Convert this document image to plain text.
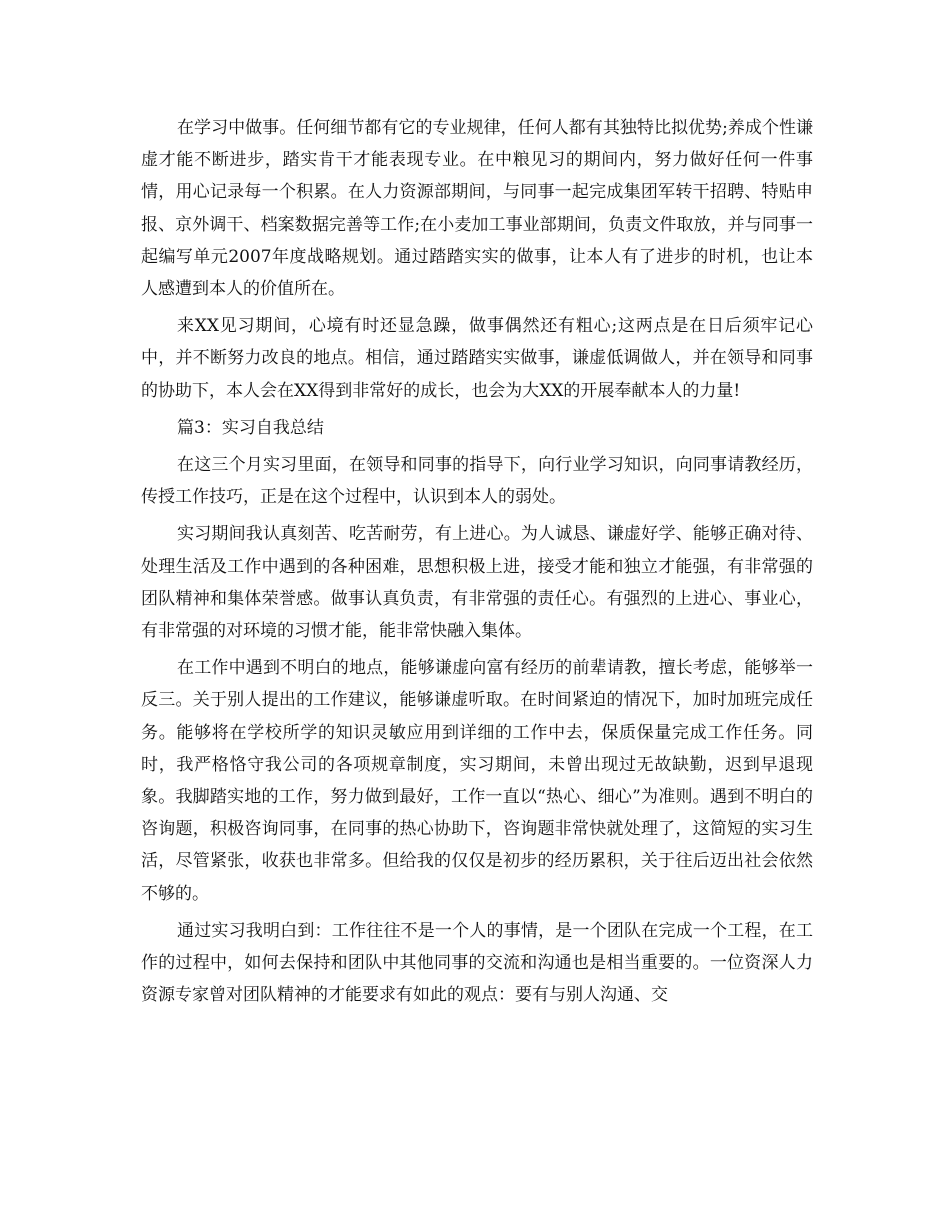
在学习中做事。任何细节都有它的专业规律，任何人都有其独特比拟优势;养成个性谦虚才能不断进步，踏实肯干才能表现专业。在中粮见习的期间内，努力做好任何一件事情，用心记录每一个积累。在人力资源部期间，与同事一起完成集团军转干招聘、特贴申报、京外调干、档案数据完善等工作;在小麦加工事业部期间，负责文件取放，并与同事一起编写单元2007年度战略规划。通过踏踏实实的做事，让本人有了进步的时机，也让本人感遭到本人的价值所在。

来XX见习期间，心境有时还显急躁，做事偶然还有粗心;这两点是在日后须牢记心中，并不断努力改良的地点。相信，通过踏踏实实做事，谦虚低调做人，并在领导和同事的协助下，本人会在XX得到非常好的成长，也会为大XX的开展奉献本人的力量!

篇3：实习自我总结

在这三个月实习里面，在领导和同事的指导下，向行业学习知识，向同事请教经历，传授工作技巧，正是在这个过程中，认识到本人的弱处。

实习期间我认真刻苦、吃苦耐劳，有上进心。为人诚恳、谦虚好学、能够正确对待、处理生活及工作中遇到的各种困难，思想积极上进，接受才能和独立才能强，有非常强的团队精神和集体荣誉感。做事认真负责，有非常强的责任心。有强烈的上进心、事业心，有非常强的对环境的习惯才能，能非常快融入集体。

在工作中遇到不明白的地点，能够谦虚向富有经历的前辈请教，擅长考虑，能够举一反三。关于别人提出的工作建议，能够谦虚听取。在时间紧迫的情况下，加时加班完成任务。能够将在学校所学的知识灵敏应用到详细的工作中去，保质保量完成工作任务。同时，我严格恪守我公司的各项规章制度，实习期间，未曾出现过无故缺勤，迟到早退现象。我脚踏实地的工作，努力做到最好，工作一直以“热心、细心”为准则。遇到不明白的咨询题，积极咨询同事，在同事的热心协助下，咨询题非常快就处理了，这简短的实习生活，尽管紧张，收获也非常多。但给我的仅仅是初步的经历累积，关于往后迈出社会依然不够的。

通过实习我明白到：工作往往不是一个人的事情，是一个团队在完成一个工程，在工作的过程中，如何去保持和团队中其他同事的交流和沟通也是相当重要的。一位资深人力资源专家曾对团队精神的才能要求有如此的观点：要有与别人沟通、交
